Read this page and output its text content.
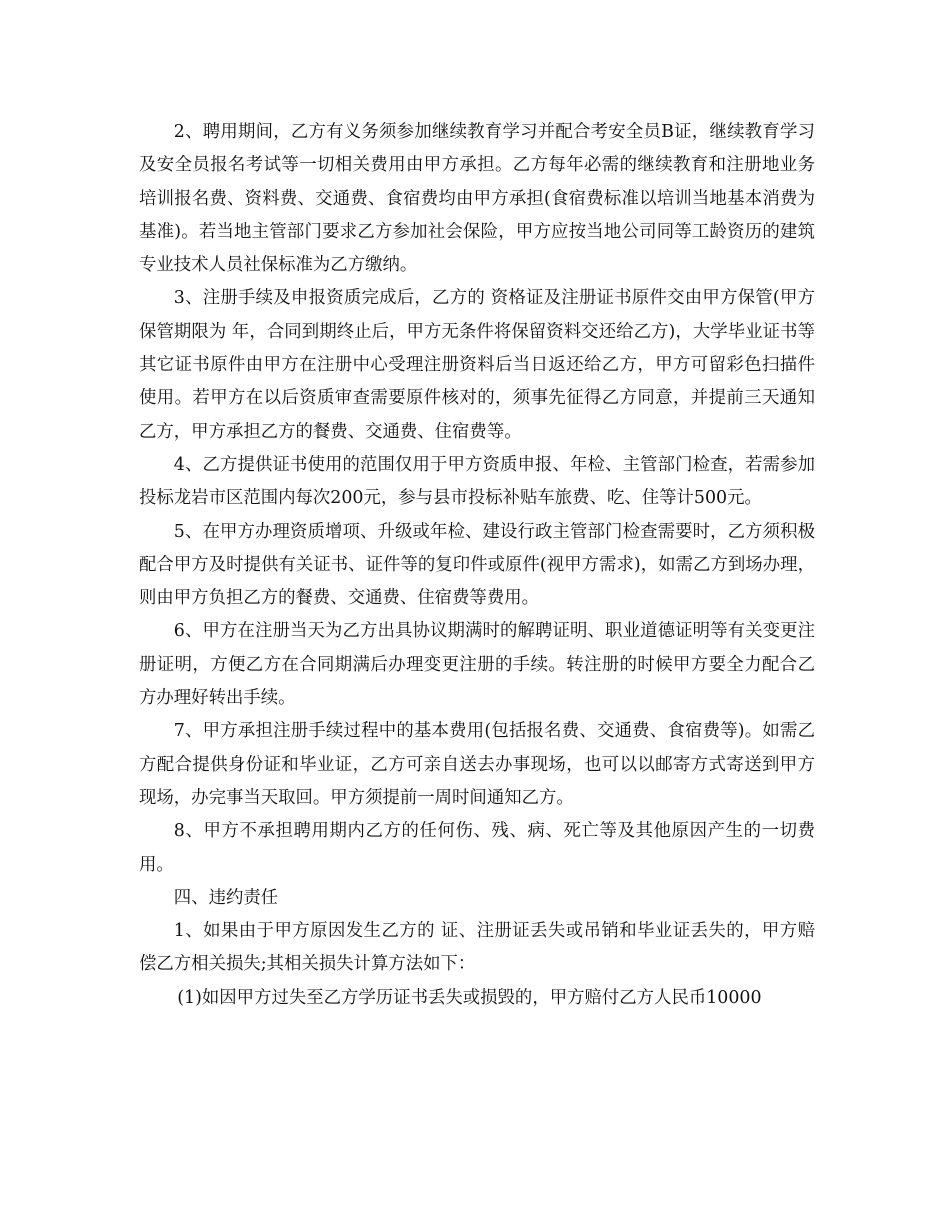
2、聘用期间，乙方有义务须参加继续教育学习并配合考安全员B证，继续教育学习及安全员报名考试等一切相关费用由甲方承担。乙方每年必需的继续教育和注册地业务培训报名费、资料费、交通费、食宿费均由甲方承担(食宿费标准以培训当地基本消费为基准)。若当地主管部门要求乙方参加社会保险，甲方应按当地公司同等工龄资历的建筑专业技术人员社保标准为乙方缴纳。

3、注册手续及申报资质完成后，乙方的 资格证及注册证书原件交由甲方保管(甲方保管期限为 年，合同到期终止后，甲方无条件将保留资料交还给乙方)，大学毕业证书等其它证书原件由甲方在注册中心受理注册资料后当日返还给乙方，甲方可留彩色扫描件使用。若甲方在以后资质审查需要原件核对的，须事先征得乙方同意，并提前三天通知乙方，甲方承担乙方的餐费、交通费、住宿费等。

4、乙方提供证书使用的范围仅用于甲方资质申报、年检、主管部门检查，若需参加投标龙岩市区范围内每次200元，参与县市投标补贴车旅费、吃、住等计500元。

5、在甲方办理资质增项、升级或年检、建设行政主管部门检查需要时，乙方须积极配合甲方及时提供有关证书、证件等的复印件或原件(视甲方需求)，如需乙方到场办理，则由甲方负担乙方的餐费、交通费、住宿费等费用。

6、甲方在注册当天为乙方出具协议期满时的解聘证明、职业道德证明等有关变更注册证明，方便乙方在合同期满后办理变更注册的手续。转注册的时候甲方要全力配合乙方办理好转出手续。

7、甲方承担注册手续过程中的基本费用(包括报名费、交通费、食宿费等)。如需乙方配合提供身份证和毕业证，乙方可亲自送去办事现场，也可以以邮寄方式寄送到甲方现场，办完事当天取回。甲方须提前一周时间通知乙方。

8、甲方不承担聘用期内乙方的任何伤、残、病、死亡等及其他原因产生的一切费用。

四、违约责任

1、如果由于甲方原因发生乙方的 证、注册证丢失或吊销和毕业证丢失的，甲方赔偿乙方相关损失;其相关损失计算方法如下：

(1)如因甲方过失至乙方学历证书丢失或损毁的，甲方赔付乙方人民币10000
